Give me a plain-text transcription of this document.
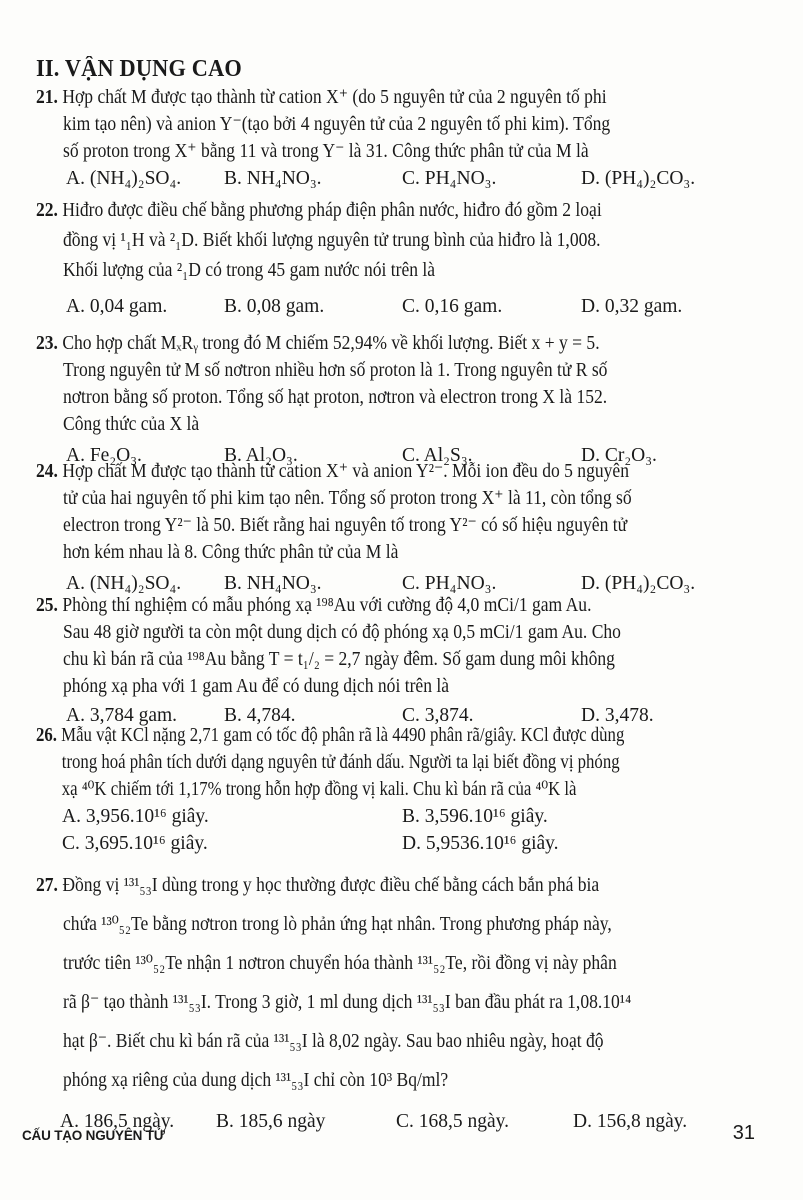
II. VẬN DỤNG CAO
21. Hợp chất M được tạo thành từ cation X⁺ (do 5 nguyên tử của 2 nguyên tố phi kim tạo nên) và anion Y⁻(tạo bởi 4 nguyên tử của 2 nguyên tố phi kim). Tổng số proton trong X⁺ bằng 11 và trong Y⁻ là 31. Công thức phân tử của M là
A. (NH₄)₂SO₄. B. NH₄NO₃.	C. PH₄NO₃.	D. (PH₄)₂CO₃.
22. Hiđro được điều chế bằng phương pháp điện phân nước, hiđro đó gồm 2 loại đồng vị ¹₁H và ²₁D. Biết khối lượng nguyên tử trung bình của hiđro là 1,008. Khối lượng của ²₁D có trong 45 gam nước nói trên là
A. 0,04 gam.	B. 0,08 gam.	C. 0,16 gam.	D. 0,32 gam.
23. Cho hợp chất MₓRᵧ trong đó M chiếm 52,94% về khối lượng. Biết x + y = 5. Trong nguyên tử M số nơtron nhiều hơn số proton là 1. Trong nguyên tử R số nơtron bằng số proton. Tổng số hạt proton, nơtron và electron trong X là 152. Công thức của X là
A. Fe₂O₃.	B. Al₂O₃.	C. Al₂S₃.	D. Cr₂O₃.
24. Hợp chất M được tạo thành từ cation X⁺ và anion Y²⁻. Mỗi ion đều do 5 nguyên tử của hai nguyên tố phi kim tạo nên. Tổng số proton trong X⁺ là 11, còn tổng số electron trong Y²⁻ là 50. Biết rằng hai nguyên tố trong Y²⁻ có số hiệu nguyên tử hơn kém nhau là 8. Công thức phân tử của M là
A. (NH₄)₂SO₄. B. NH₄NO₃.	C. PH₄NO₃.	D. (PH₄)₂CO₃.
25. Phòng thí nghiệm có mẫu phóng xạ ¹⁹⁸Au với cường độ 4,0 mCi/1 gam Au. Sau 48 giờ người ta còn một dung dịch có độ phóng xạ 0,5 mCi/1 gam Au. Cho chu kì bán rã của ¹⁹⁸Au bằng T = t₁/₂ = 2,7 ngày đêm. Số gam dung môi không phóng xạ pha với 1 gam Au để có dung dịch nói trên là
A. 3,784 gam. B. 4,784.	C. 3,874.	D. 3,478.
26. Mẫu vật KCl nặng 2,71 gam có tốc độ phân rã là 4490 phân rã/giây. KCl được dùng
trong hoá phân tích dưới dạng nguyên tử đánh dấu. Người ta lại biết đồng vị phóng
xạ ⁴⁰K chiếm tới 1,17% trong hỗn hợp đồng vị kali. Chu kì bán rã của ⁴⁰K là
A. 3,956.10¹⁶ giây.	B. 3,596.10¹⁶ giây.
C. 3,695.10¹⁶ giây.	D. 5,9536.10¹⁶ giây.
27. Đồng vị ¹³¹₅₃I dùng trong y học thường được điều chế bằng cách bắn phá bia chứa ¹³⁰₅₂Te bằng nơtron trong lò phản ứng hạt nhân. Trong phương pháp này, trước tiên ¹³⁰₅₂Te nhận 1 nơtron chuyển hóa thành ¹³¹₅₂Te, rồi đồng vị này phân rã β⁻ tạo thành ¹³¹₅₃I. Trong 3 giờ, 1 ml dung dịch ¹³¹₅₃I ban đầu phát ra 1,08.10¹⁴ hạt β⁻. Biết chu kì bán rã của ¹³¹₅₃I là 8,02 ngày. Sau bao nhiêu ngày, hoạt độ phóng xạ riêng của dung dịch ¹³¹₅₃I chỉ còn 10³ Bq/ml?
A. 186,5 ngày. B. 185,6 ngày	C. 168,5 ngày.	D. 156,8 ngày.
CẤU TẠO NGUYÊN TỬ	31
